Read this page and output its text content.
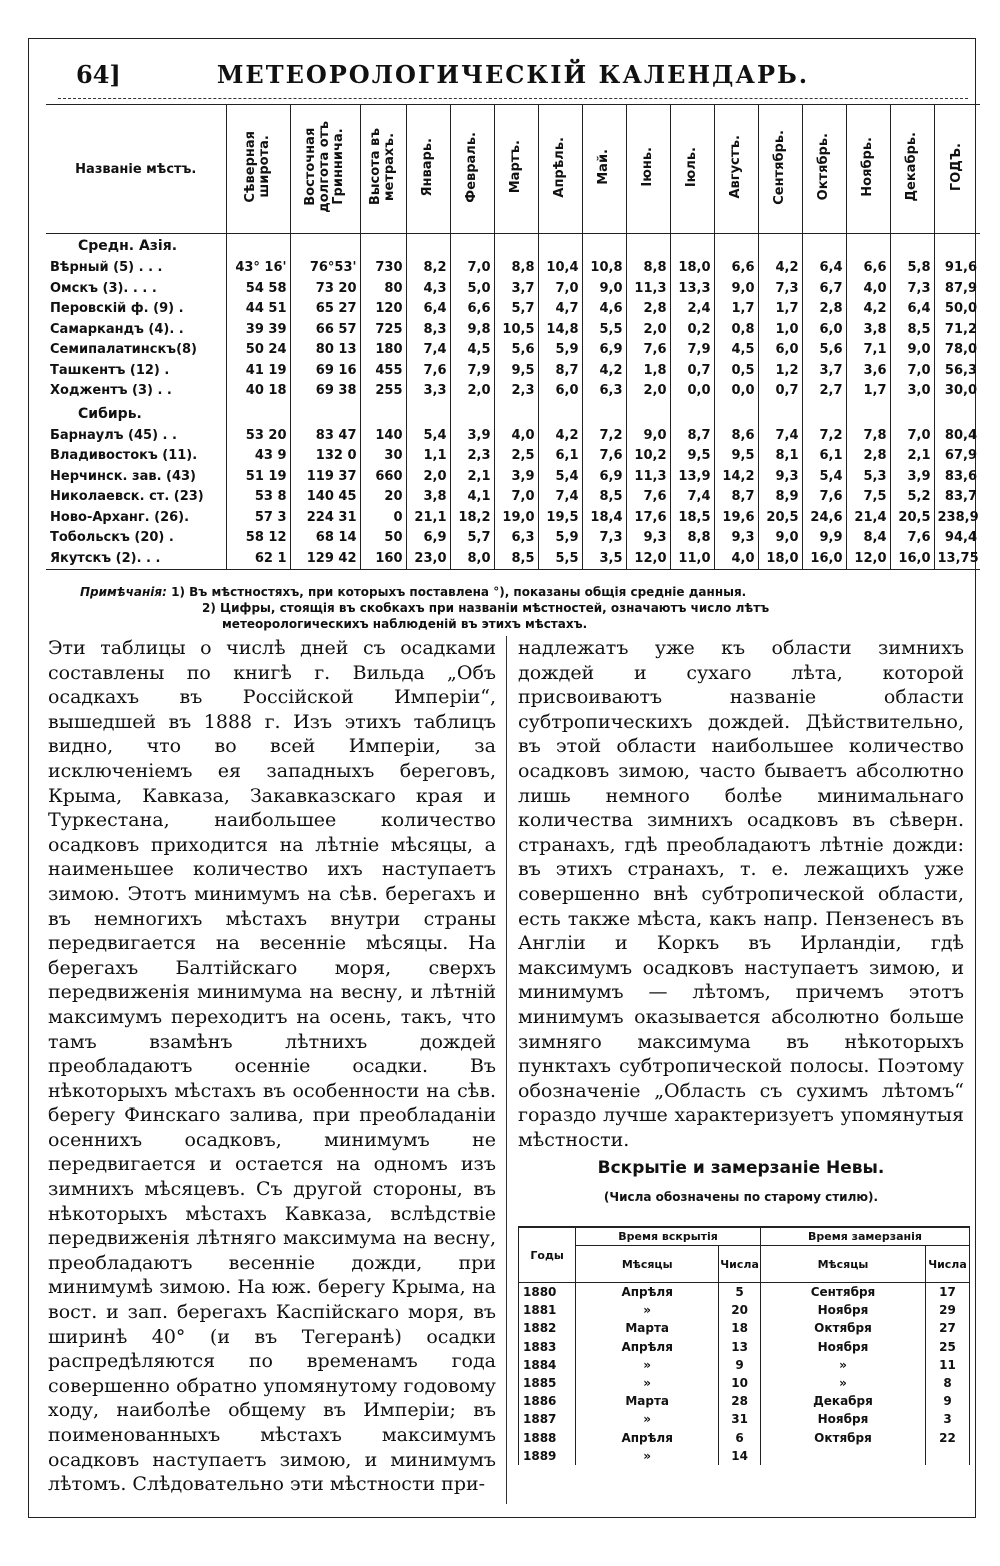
64]	МЕТЕОРОЛОГИЧЕСКІЙ КАЛЕНДАРЬ.
Названіе мѣстъ.	Сѣверная
широта.	Восточная
долгота отъ
Гриннича.	Высота въ
метрахъ.	Январь.	Февраль.	Мартъ.	Апрѣль.	Май.	Іюнь.	Іюль.	Августъ.	Сентябрь.	Октябрь.	Ноябрь.	Декабрь.	ГОДЪ.
Средн. Азія.																
Вѣрный (5) . . .	43° 16'	76°53'	730	8,2	7,0	8,8	10,4	10,8	8,8	18,0	6,6	4,2	6,4	6,6	5,8	91,6
Омскъ (3). . . .	54 58	73 20	80	4,3	5,0	3,7	7,0	9,0	11,3	13,3	9,0	7,3	6,7	4,0	7,3	87,9
Перовскій ф. (9) .	44 51	65 27	120	6,4	6,6	5,7	4,7	4,6	2,8	2,4	1,7	1,7	2,8	4,2	6,4	50,0
Самаркандъ (4). .	39 39	66 57	725	8,3	9,8	10,5	14,8	5,5	2,0	0,2	0,8	1,0	6,0	3,8	8,5	71,2
Семипалатинскъ(8)	50 24	80 13	180	7,4	4,5	5,6	5,9	6,9	7,6	7,9	4,5	6,0	5,6	7,1	9,0	78,0
Ташкентъ (12) .	41 19	69 16	455	7,6	7,9	9,5	8,7	4,2	1,8	0,7	0,5	1,2	3,7	3,6	7,0	56,3
Ходжентъ (3) . .	40 18	69 38	255	3,3	2,0	2,3	6,0	6,3	2,0	0,0	0,0	0,7	2,7	1,7	3,0	30,0
Сибирь.																
Барнаулъ (45) . .	53 20	83 47	140	5,4	3,9	4,0	4,2	7,2	9,0	8,7	8,6	7,4	7,2	7,8	7,0	80,4
Владивостокъ (11).	43 9	132 0	30	1,1	2,3	2,5	6,1	7,6	10,2	9,5	9,5	8,1	6,1	2,8	2,1	67,9
Нерчинск. зав. (43)	51 19	119 37	660	2,0	2,1	3,9	5,4	6,9	11,3	13,9	14,2	9,3	5,4	5,3	3,9	83,6
Николаевск. ст. (23)	53 8	140 45	20	3,8	4,1	7,0	7,4	8,5	7,6	7,4	8,7	8,9	7,6	7,5	5,2	83,7
Ново-Арханг. (26).	57 3	224 31	0	21,1	18,2	19,0	19,5	18,4	17,6	18,5	19,6	20,5	24,6	21,4	20,5	238,9
Тобольскъ (20) .	58 12	68 14	50	6,9	5,7	6,3	5,9	7,3	9,3	8,8	9,3	9,0	9,9	8,4	7,6	94,4
Якутскъ (2). . .	62 1	129 42	160	23,0	8,0	8,5	5,5	3,5	12,0	11,0	4,0	18,0	16,0	12,0	16,0	13,75
Примѣчанія: 1) Въ мѣстностяхъ, при которыхъ поставлена °), показаны общія средніе данныя.
2) Цифры, стоящія въ скобкахъ при названіи мѣстностей, означаютъ число лѣтъ
метеорологическихъ наблюденій въ этихъ мѣстахъ.

Эти таблицы о числѣ дней съ осадками составлены по книгѣ г. Вильда „Объ осадкахъ въ Россійской Имперіи“, вышедшей въ 1888 г. Изъ этихъ таблицъ видно, что во всей Имперіи, за исключеніемъ ея западныхъ береговъ, Крыма, Кавказа, Закавказскаго края и Туркестана, наибольшее количество осадковъ приходится на лѣтніе мѣсяцы, а наименьшее количество ихъ наступаетъ зимою. Этотъ минимумъ на сѣв. берегахъ и въ немногихъ мѣстахъ внутри страны передвигается на весенніе мѣсяцы. На берегахъ Балтійскаго моря, сверхъ передвиженія минимума на весну, и лѣтній максимумъ переходитъ на осень, такъ, что тамъ взамѣнъ лѣтнихъ дождей преобладаютъ осенніе осадки. Въ нѣкоторыхъ мѣстахъ въ особенности на сѣв. берегу Финскаго залива, при преобладаніи осеннихъ осадковъ, минимумъ не передвигается и остается на одномъ изъ зимнихъ мѣсяцевъ. Съ другой стороны, въ нѣкоторыхъ мѣстахъ Кавказа, вслѣдствіе передвиженія лѣтняго максимума на весну, преобладаютъ весенніе дожди, при минимумѣ зимою. На юж. берегу Крыма, на вост. и зап. берегахъ Каспійскаго моря, въ ширинѣ 40° (и въ Тегеранѣ) осадки распредѣляются по временамъ года совершенно обратно упомянутому годовому ходу, наиболѣе общему въ Имперіи; въ поименованныхъ мѣстахъ максимумъ осадковъ наступаетъ зимою, и минимумъ лѣтомъ. Слѣдовательно эти мѣстности при-

надлежатъ уже къ области зимнихъ дождей и сухаго лѣта, которой присвоиваютъ названіе области субтропическихъ дождей. Дѣйствительно, въ этой области наибольшее количество осадковъ зимою, часто бываетъ абсолютно лишь немного болѣе минимальнаго количества зимнихъ осадковъ въ сѣверн. странахъ, гдѣ преобладаютъ лѣтніе дожди: въ этихъ странахъ, т. е. лежащихъ уже совершенно внѣ субтропической области, есть также мѣста, какъ напр. Пензенесъ въ Англіи и Коркъ въ Ирландіи, гдѣ максимумъ осадковъ наступаетъ зимою, и минимумъ — лѣтомъ, причемъ этотъ минимумъ оказывается абсолютно больше зимняго максимума въ нѣкоторыхъ пунктахъ субтропической полосы. Поэтому обозначеніе „Область съ сухимъ лѣтомъ“ гораздо лучше характеризуетъ упомянутыя мѣстности.

Вскрытіе и замерзаніе Невы.
(Числа обозначены по старому стилю).
Годы	Время вскрытія		Время замерзанія	
	Мѣсяцы	Числа	Мѣсяцы	Числа
1880	Апрѣля	5	Сентября	17
1881	»	20	Ноября	29
1882	Марта	18	Октября	27
1883	Апрѣля	13	Ноября	25
1884	»	9	»	11
1885	»	10	»	8
1886	Марта	28	Декабря	9
1887	»	31	Ноября	3
1888	Апрѣля	6	Октября	22
1889	»	14		
